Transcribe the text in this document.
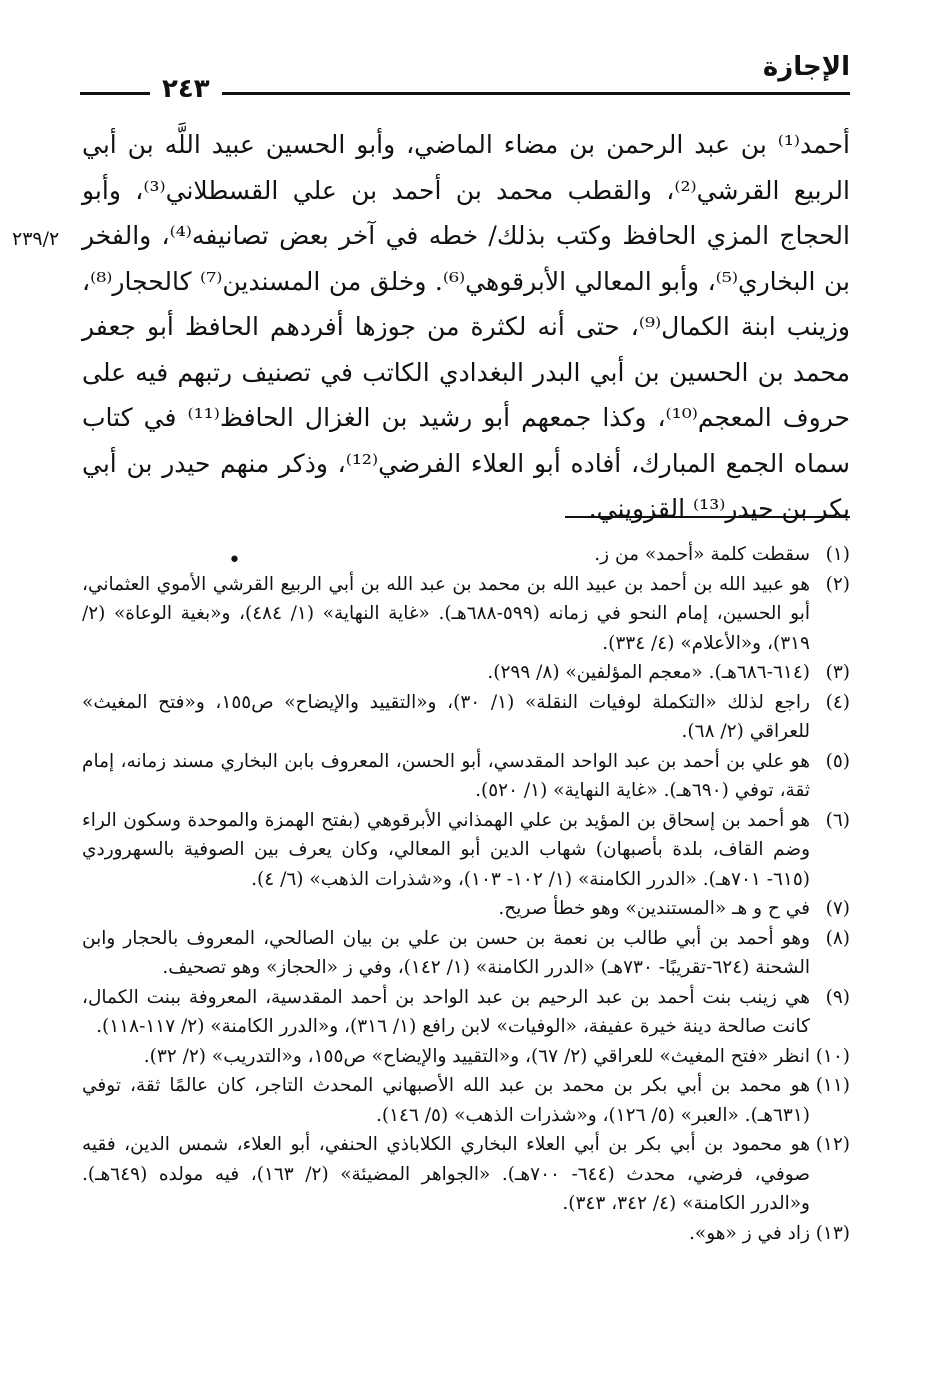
الإجازة
٢٤٣
٢٣٩/٢

أحمد⁽¹⁾ بن عبد الرحمن بن مضاء الماضي، وأبو الحسين عبيد اللَّه بن أبي الربيع القرشي⁽²⁾، والقطب محمد بن أحمد بن علي القسطلاني⁽³⁾، وأبو الحجاج المزي الحافظ وكتب بذلك/ خطه في آخر بعض تصانيفه⁽⁴⁾، والفخر بن البخاري⁽⁵⁾، وأبو المعالي الأبرقوهي⁽⁶⁾. وخلق من المسندين⁽⁷⁾ كالحجار⁽⁸⁾، وزينب ابنة الكمال⁽⁹⁾، حتى أنه لكثرة من جوزها أفردهم الحافظ أبو جعفر محمد بن الحسين بن أبي البدر البغدادي الكاتب في تصنيف رتبهم فيه على حروف المعجم⁽¹⁰⁾، وكذا جمعهم أبو رشيد بن الغزال الحافظ⁽¹¹⁾ في كتاب سماه الجمع المبارك، أفاده أبو العلاء الفرضي⁽¹²⁾، وذكر منهم حيدر بن أبي بكر بن حيدر⁽¹³⁾ القزويني.

•	(١)
سقطت كلمة «أحمد» من ز.
(٢)
هو عبيد الله بن أحمد بن عبيد الله بن محمد بن عبد الله بن أبي الربيع القرشي الأموي العثماني، أبو الحسين، إمام النحو في زمانه (٥٩٩-٦٨٨هـ). «غاية النهاية» (١/ ٤٨٤)، و«بغية الوعاة» (٢/ ٣١٩)، و«الأعلام» (٤/ ٣٣٤).
(٣)
(٦١٤-٦٨٦هـ). «معجم المؤلفين» (٨/ ٢٩٩).
(٤)
راجع لذلك «التكملة لوفيات النقلة» (١/ ٣٠)، و«التقييد والإيضاح» ص١٥٥، و«فتح المغيث» للعراقي (٢/ ٦٨).
(٥)
هو علي بن أحمد بن عبد الواحد المقدسي، أبو الحسن، المعروف بابن البخاري مسند زمانه، إمام ثقة، توفي (٦٩٠هـ). «غاية النهاية» (١/ ٥٢٠).
(٦)
هو أحمد بن إسحاق بن المؤيد بن علي الهمذاني الأبرقوهي (بفتح الهمزة والموحدة وسكون الراء وضم القاف، بلدة بأصبهان) شهاب الدين أبو المعالي، وكان يعرف بين الصوفية بالسهروردي (٦١٥- ٧٠١هـ). «الدرر الكامنة» (١/ ١٠٢- ١٠٣)، و«شذرات الذهب» (٦/ ٤).
(٧)
في ح و هـ «المستندين» وهو خطأ صريح.
(٨)
وهو أحمد بن أبي طالب بن نعمة بن حسن بن علي بن بيان الصالحي، المعروف بالحجار وابن الشحنة (٦٢٤-تقريبًا- ٧٣٠هـ) «الدرر الكامنة» (١/ ١٤٢)، وفي ز «الحجاز» وهو تصحيف.
(٩)
هي زينب بنت أحمد بن عبد الرحيم بن عبد الواحد بن أحمد المقدسية، المعروفة ببنت الكمال، كانت صالحة دينة خيرة عفيفة، «الوفيات» لابن رافع (١/ ٣١٦)، و«الدرر الكامنة» (٢/ ١١٧-١١٨).
(١٠)
انظر «فتح المغيث» للعراقي (٢/ ٦٧)، و«التقييد والإيضاح» ص١٥٥، و«التدريب» (٢/ ٣٢).
(١١)
هو محمد بن أبي بكر بن محمد بن عبد الله الأصبهاني المحدث التاجر، كان عالمًا ثقة، توفي (٦٣١هـ). «العبر» (٥/ ١٢٦)، و«شذرات الذهب» (٥/ ١٤٦).
(١٢)
هو محمود بن أبي بكر بن أبي العلاء البخاري الكلاباذي الحنفي، أبو العلاء، شمس الدين، فقيه صوفي، فرضي، محدث (٦٤٤- ٧٠٠هـ). «الجواهر المضيئة» (٢/ ١٦٣)، فيه مولده (٦٤٩هـ). و«الدرر الكامنة» (٤/ ٣٤٢، ٣٤٣).
(١٣)
زاد في ز «هو».
